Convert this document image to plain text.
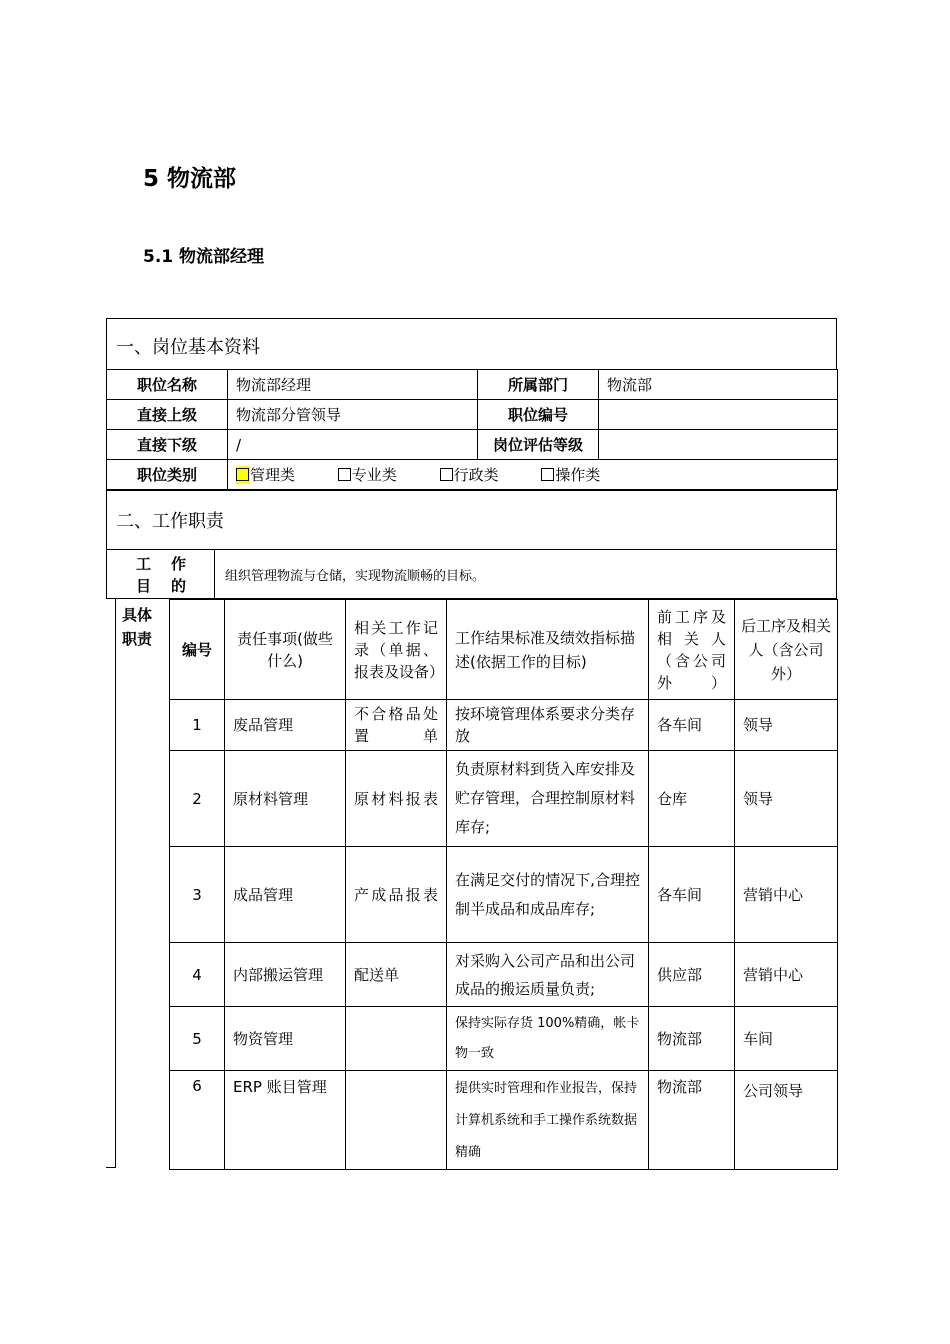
5 物流部
5.1 物流部经理
一、岗位基本资料
职位名称	物流部经理	所属部门	物流部
直接上级	物流部分管领导	职位编号	
直接下级	/	岗位评估等级	
职位类别	管理类 专业类 行政类 操作类		
二、工作职责
工 作 目 的
组织管理物流与仓储，实现物流顺畅的目标。
具体职责
编号	责任事项(做些什么)	相关工作记录（单据、报表及设备）	工作结果标准及绩效指标描述(依据工作的目标)	前工序及相关人（含公司外）	后工序及相关人（含公司外）
1	废品管理	不合格品处置单	按环境管理体系要求分类存放	各车间	领导
2	原材料管理	原材料报表	负责原材料到货入库安排及贮存管理，合理控制原材料库存;	仓库	领导
3	成品管理	产成品报表	在满足交付的情况下,合理控制半成品和成品库存;	各车间	营销中心
4	内部搬运管理	配送单	对采购入公司产品和出公司成品的搬运质量负责;	供应部	营销中心
5	物资管理		保持实际存货 100%精确，帐卡物一致	物流部	车间
6	ERP 账目管理		提供实时管理和作业报告，保持计算机系统和手工操作系统数据精确	物流部	公司领导
